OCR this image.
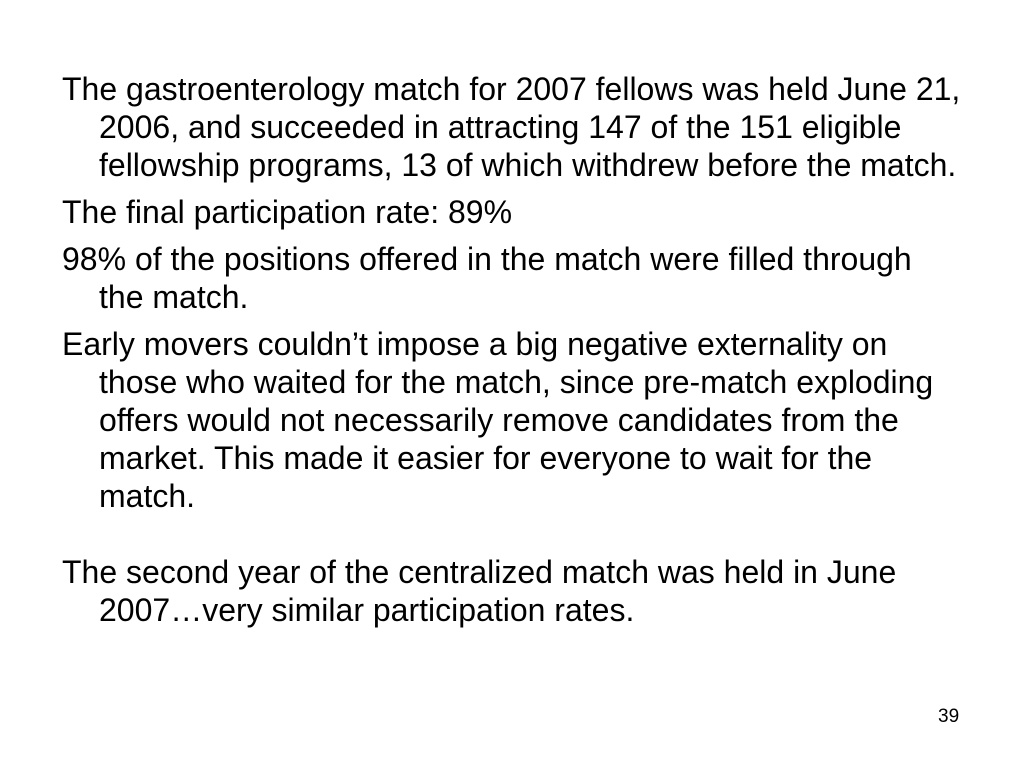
The gastroenterology match for 2007 fellows was held June 21, 2006, and succeeded in attracting 147 of the 151 eligible fellowship programs, 13 of which withdrew before the match.

The final participation rate: 89%

98% of the positions offered in the match were filled through the match.

Early movers couldn’t impose a big negative externality on those who waited for the match, since pre-match exploding offers would not necessarily remove candidates from the market. This made it easier for everyone to wait for the match.

The second year of the centralized match was held in June 2007…very similar participation rates.

39
